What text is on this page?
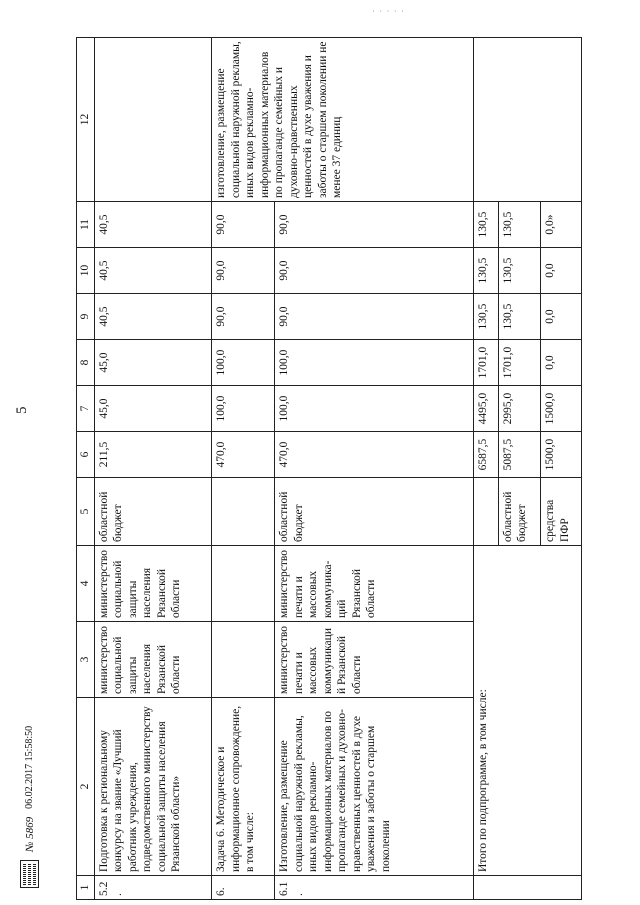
· · · · ·
5
1	2	3	4	5	6	7	8	9	10	11	12
5.2.	Подготовка к региональному конкурсу на звание «Лучший работник учреждения, подведомственного министерству социальной защиты населения Рязанской области»	министерство социальной защиты населения Рязанской области	министерство социальной защиты населения Рязанской области	областной бюджет	211,5	45,0	45,0	40,5	40,5	40,5	
6.	Задача 6. Методическое и информационное сопровождение, в том числе:				470,0	100,0	100,0	90,0	90,0	90,0	изготовление, размещение социальной наружной рекламы, иных видов рекламно-информационных материалов по пропаганде семейных и духовно-нравственных ценностей в духе уважения и заботы о старшем поколении не менее 37 единиц
6.1.	Изготовление, размещение социальной наружной рекламы, иных видов рекламно-информационных материалов по пропаганде семейных и духовно-нравственных ценностей в духе уважения и заботы о старшем поколении	министерство печати и массовых коммуникаций Рязанской области	министерство печати и массовых коммуника-ций Рязанской области	областной бюджет	470,0	100,0	100,0	90,0	90,0	90,0	
	Итого по подпрограмме, в том числе:				6587,5	4495,0	1701,0	130,5	130,5	130,5	
				областной бюджет	5087,5	2995,0	1701,0	130,5	130,5	130,5	
				средства ПФР	1500,0	1500,0	0,0	0,0	0,0	0,0»	
№ 5869
06.02.2017 15:58:50
